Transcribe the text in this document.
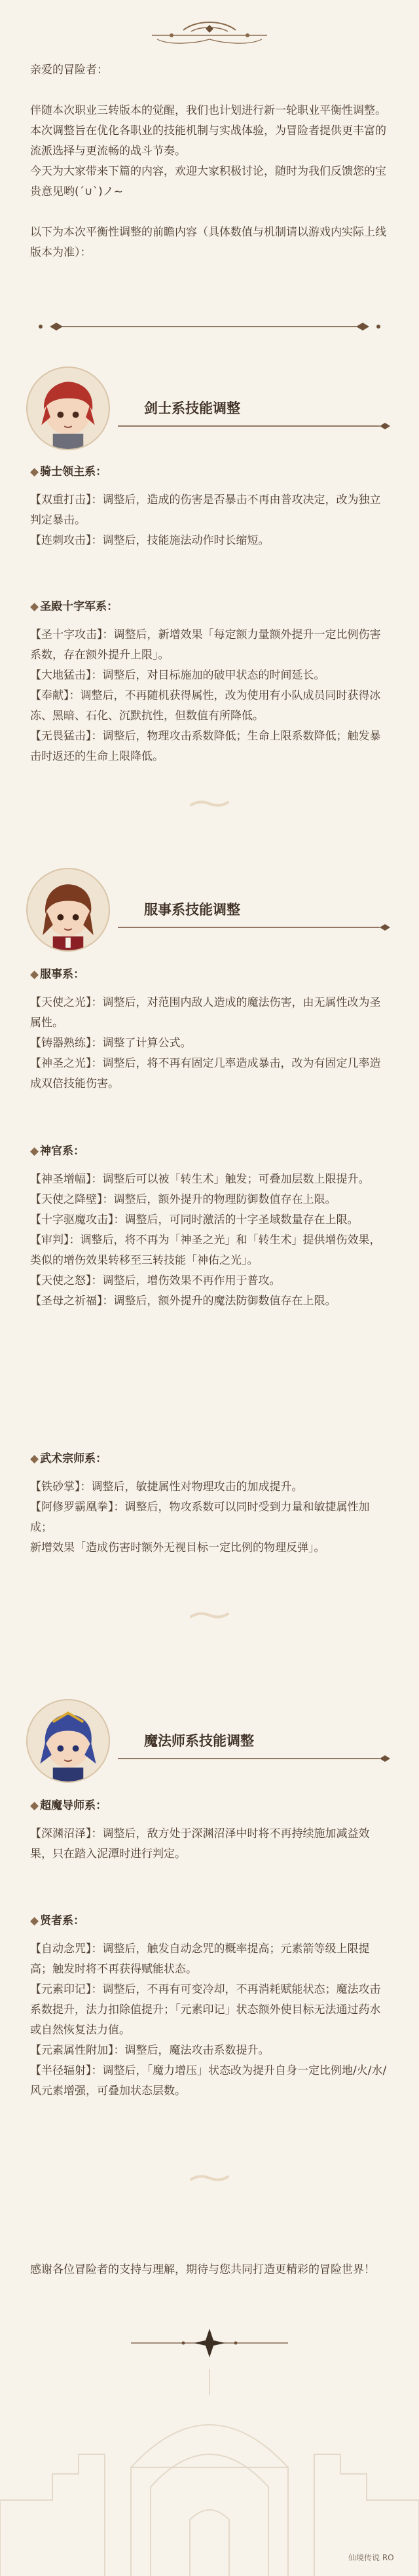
亲爱的冒险者：

伴随本次职业三转版本的觉醒，我们也计划进行新一轮职业平衡性调整。本次调整旨在优化各职业的技能机制与实战体验，为冒险者提供更丰富的流派选择与更流畅的战斗节奏。

今天为大家带来下篇的内容，欢迎大家积极讨论，随时为我们反馈您的宝贵意见哟(´∪`)ノ~

以下为本次平衡性调整的前瞻内容（具体数值与机制请以游戏内实际上线版本为准）：

剑士系技能调整

◆ 骑士领主系：

【双重打击】：调整后，造成的伤害是否暴击不再由普攻决定，改为独立判定暴击。

【连刺攻击】：调整后，技能施法动作时长缩短。

◆ 圣殿十字军系：

【圣十字攻击】：调整后，新增效果「每定额力量额外提升一定比例伤害系数，存在额外提升上限」。

【大地猛击】：调整后，对目标施加的破甲状态的时间延长。

【奉献】：调整后，不再随机获得属性，改为使用有小队成员同时获得冰冻、黑暗、石化、沉默抗性，但数值有所降低。

【无畏猛击】：调整后，物理攻击系数降低；生命上限系数降低；触发暴击时返还的生命上限降低。

服事系技能调整

◆ 服事系：

【天使之光】：调整后，对范围内敌人造成的魔法伤害，由无属性改为圣属性。

【铸器熟练】：调整了计算公式。

【神圣之光】：调整后，将不再有固定几率造成暴击，改为有固定几率造成双倍技能伤害。

◆ 神官系：

【神圣增幅】：调整后可以被「转生术」触发；可叠加层数上限提升。

【天使之降壁】：调整后，额外提升的物理防御数值存在上限。

【十字驱魔攻击】：调整后，可同时激活的十字圣域数量存在上限。

【审判】：调整后，将不再为「神圣之光」和「转生术」提供增伤效果，类似的增伤效果转移至三转技能「神佑之光」。

【天使之怒】：调整后，增伤效果不再作用于普攻。

【圣母之祈福】：调整后，额外提升的魔法防御数值存在上限。

◆ 武术宗师系：

【铁砂掌】：调整后，敏捷属性对物理攻击的加成提升。

【阿修罗霸凰拳】：调整后，物攻系数可以同时受到力量和敏捷属性加成；

新增效果「造成伤害时额外无视目标一定比例的物理反弹」。

魔法师系技能调整

◆ 超魔导师系：

【深渊沼泽】：调整后，敌方处于深渊沼泽中时将不再持续施加减益效果，只在踏入泥潭时进行判定。

◆ 贤者系：

【自动念咒】：调整后，触发自动念咒的概率提高；元素箭等级上限提高；触发时将不再获得赋能状态。

【元素印记】：调整后，不再有可变冷却，不再消耗赋能状态；魔法攻击系数提升，法力扣除值提升；「元素印记」状态额外使目标无法通过药水或自然恢复法力值。

【元素属性附加】：调整后，魔法攻击系数提升。

【半径辐射】：调整后，「魔力增压」状态改为提升自身一定比例地/火/水/风元素增强，可叠加状态层数。

感谢各位冒险者的支持与理解，期待与您共同打造更精彩的冒险世界！

仙境传说 RO
